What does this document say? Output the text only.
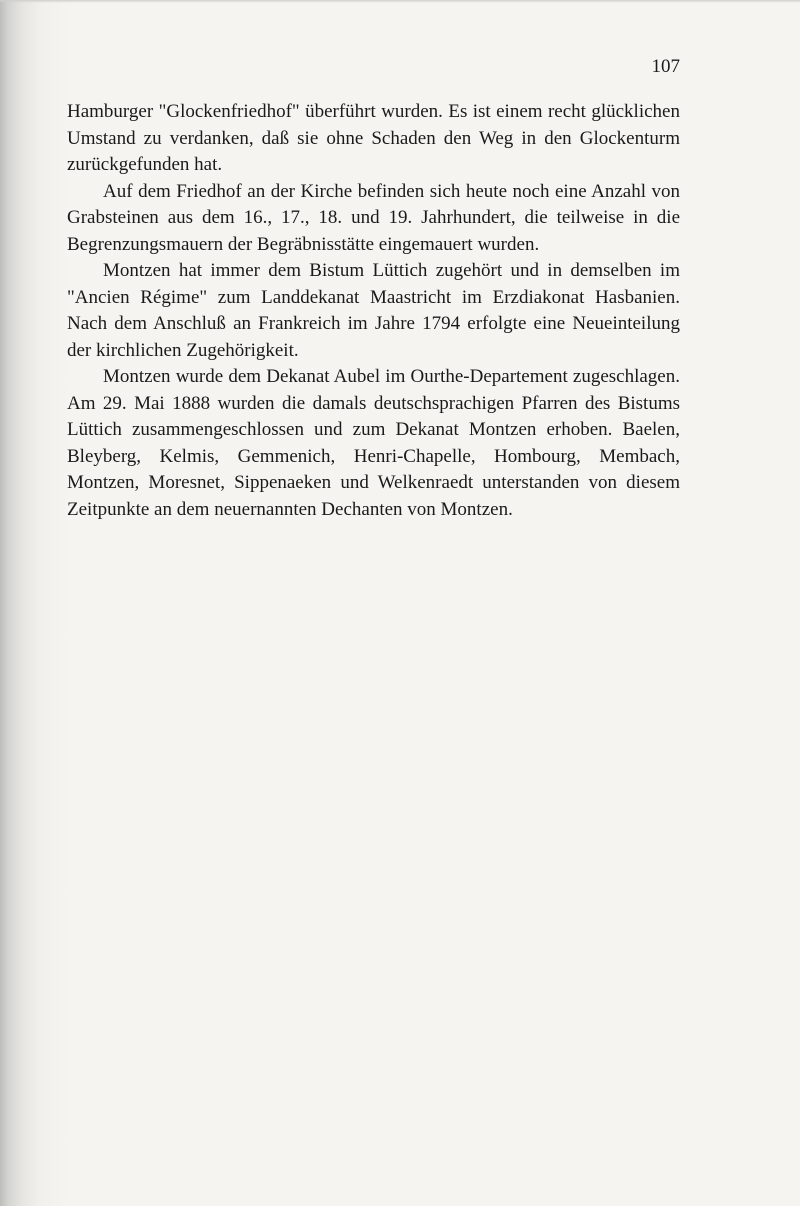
107

Hamburger "Glockenfriedhof" überführt wurden. Es ist einem recht glücklichen Umstand zu verdanken, daß sie ohne Schaden den Weg in den Glockenturm zurückgefunden hat.

Auf dem Friedhof an der Kirche befinden sich heute noch eine Anzahl von Grabsteinen aus dem 16., 17., 18. und 19. Jahrhundert, die teilweise in die Begrenzungsmauern der Begräbnisstätte eingemauert wurden.

Montzen hat immer dem Bistum Lüttich zugehört und in demselben im "Ancien Régime" zum Landdekanat Maastricht im Erzdiakonat Hasbanien. Nach dem Anschluß an Frankreich im Jahre 1794 erfolgte eine Neueinteilung der kirchlichen Zugehörigkeit.

Montzen wurde dem Dekanat Aubel im Ourthe-Departement zugeschlagen. Am 29. Mai 1888 wurden die damals deutschsprachigen Pfarren des Bistums Lüttich zusammengeschlossen und zum Dekanat Montzen erhoben. Baelen, Bleyberg, Kelmis, Gemmenich, Henri-Chapelle, Hombourg, Membach, Montzen, Moresnet, Sippenaeken und Welkenraedt unterstanden von diesem Zeitpunkte an dem neuernannten Dechanten von Montzen.
